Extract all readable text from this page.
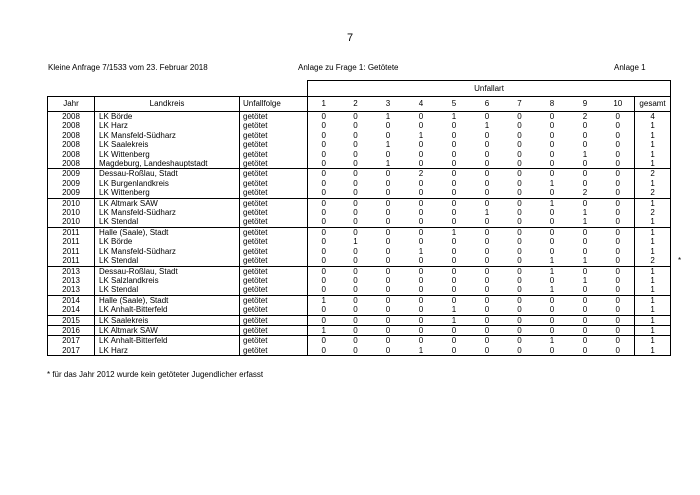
7
Kleine Anfrage 7/1533 vom 23. Februar 2018	Anlage zu Frage 1: Getötete	Anlage 1
			Unfallart										
Jahr	Landkreis	Unfallfolge	1	2	3	4	5	6	7	8	9	10	gesamt
2008	LK Börde	getötet	0	0	1	0	1	0	0	0	2	0	4
2008	LK Harz	getötet	0	0	0	0	0	1	0	0	0	0	1
2008	LK Mansfeld-Südharz	getötet	0	0	0	1	0	0	0	0	0	0	1
2008	LK Saalekreis	getötet	0	0	1	0	0	0	0	0	0	0	1
2008	LK Wittenberg	getötet	0	0	0	0	0	0	0	0	1	0	1
2008	Magdeburg, Landeshauptstadt	getötet	0	0	1	0	0	0	0	0	0	0	1
2009	Dessau-Roßlau, Stadt	getötet	0	0	0	2	0	0	0	0	0	0	2
2009	LK Burgenlandkreis	getötet	0	0	0	0	0	0	0	1	0	0	1
2009	LK Wittenberg	getötet	0	0	0	0	0	0	0	0	2	0	2
2010	LK Altmark SAW	getötet	0	0	0	0	0	0	0	1	0	0	1
2010	LK Mansfeld-Südharz	getötet	0	0	0	0	0	1	0	0	1	0	2
2010	LK Stendal	getötet	0	0	0	0	0	0	0	0	1	0	1
2011	Halle (Saale), Stadt	getötet	0	0	0	0	1	0	0	0	0	0	1
2011	LK Börde	getötet	0	1	0	0	0	0	0	0	0	0	1
2011	LK Mansfeld-Südharz	getötet	0	0	0	1	0	0	0	0	0	0	1
2011	LK Stendal	getötet	0	0	0	0	0	0	0	1	1	0	2 *

2013	Dessau-Roßlau, Stadt	getötet	0	0	0	0	0	0	0	1	0	0	1
2013	LK Salzlandkreis	getötet	0	0	0	0	0	0	0	0	1	0	1
2013	LK Stendal	getötet	0	0	0	0	0	0	0	1	0	0	1
2014	Halle (Saale), Stadt	getötet	1	0	0	0	0	0	0	0	0	0	1
2014	LK Anhalt-Bitterfeld	getötet	0	0	0	0	1	0	0	0	0	0	1
2015	LK Saalekreis	getötet	0	0	0	0	1	0	0	0	0	0	1
2016	LK Altmark SAW	getötet	1	0	0	0	0	0	0	0	0	0	1
2017	LK Anhalt-Bitterfeld	getötet	0	0	0	0	0	0	0	1	0	0	1
2017	LK Harz	getötet	0	0	0	1	0	0	0	0	0	0	1
* für das Jahr 2012 wurde kein getöteter Jugendlicher erfasst
